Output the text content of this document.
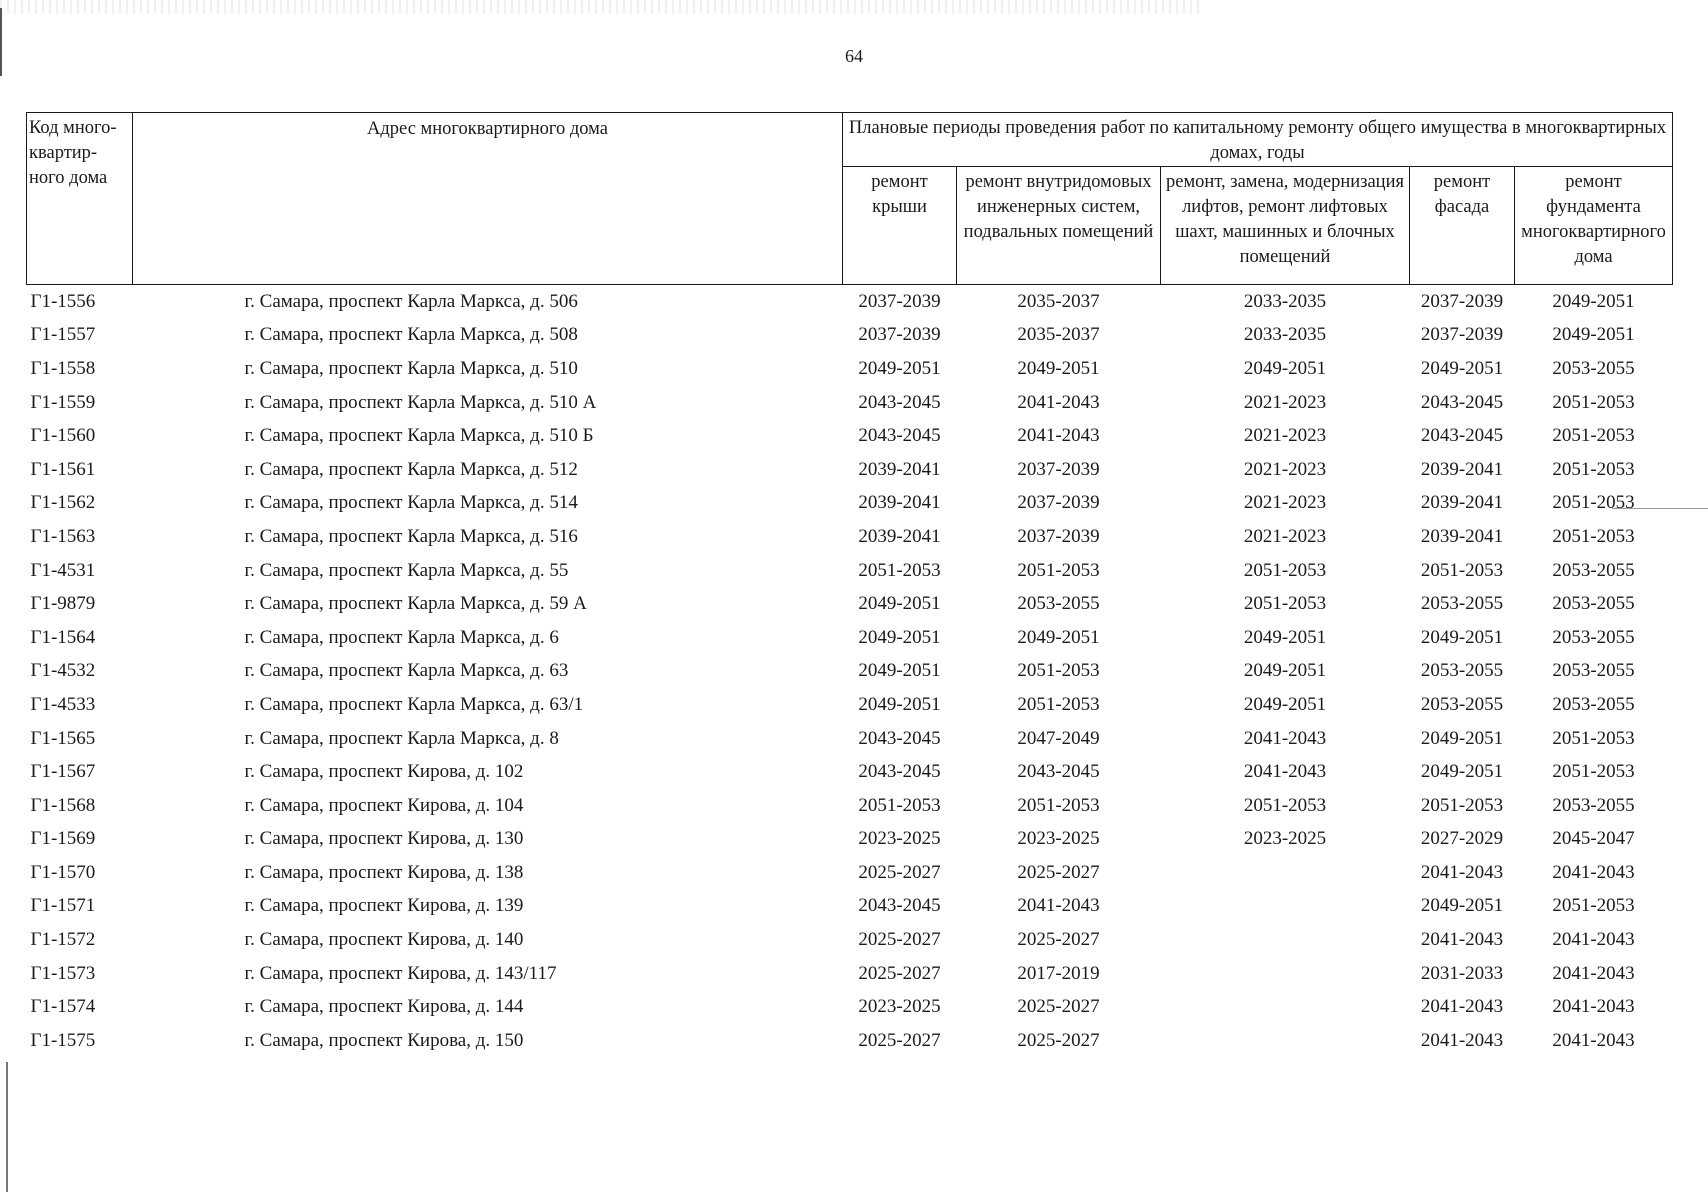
64
Код много-квартир-ного дома	Адрес многоквартирного дома	Плановые периоды проведения работ по капитальному ремонту общего имущества в многоквартирных домах, годы				
		ремонт крыши	ремонт внутридомовых инженерных систем, подвальных помещений	ремонт, замена, модернизация лифтов, ремонт лифтовых шахт, машинных и блочных помещений	ремонт фасада	ремонт фундамента многоквартирного дома
Г1-1556	г. Самара, проспект Карла Маркса, д. 506	2037-2039	2035-2037	2033-2035	2037-2039	2049-2051
Г1-1557	г. Самара, проспект Карла Маркса, д. 508	2037-2039	2035-2037	2033-2035	2037-2039	2049-2051
Г1-1558	г. Самара, проспект Карла Маркса, д. 510	2049-2051	2049-2051	2049-2051	2049-2051	2053-2055
Г1-1559	г. Самара, проспект Карла Маркса, д. 510 А	2043-2045	2041-2043	2021-2023	2043-2045	2051-2053
Г1-1560	г. Самара, проспект Карла Маркса, д. 510 Б	2043-2045	2041-2043	2021-2023	2043-2045	2051-2053
Г1-1561	г. Самара, проспект Карла Маркса, д. 512	2039-2041	2037-2039	2021-2023	2039-2041	2051-2053
Г1-1562	г. Самара, проспект Карла Маркса, д. 514	2039-2041	2037-2039	2021-2023	2039-2041	2051-2053
Г1-1563	г. Самара, проспект Карла Маркса, д. 516	2039-2041	2037-2039	2021-2023	2039-2041	2051-2053
Г1-4531	г. Самара, проспект Карла Маркса, д. 55	2051-2053	2051-2053	2051-2053	2051-2053	2053-2055
Г1-9879	г. Самара, проспект Карла Маркса, д. 59 А	2049-2051	2053-2055	2051-2053	2053-2055	2053-2055
Г1-1564	г. Самара, проспект Карла Маркса, д. 6	2049-2051	2049-2051	2049-2051	2049-2051	2053-2055
Г1-4532	г. Самара, проспект Карла Маркса, д. 63	2049-2051	2051-2053	2049-2051	2053-2055	2053-2055
Г1-4533	г. Самара, проспект Карла Маркса, д. 63/1	2049-2051	2051-2053	2049-2051	2053-2055	2053-2055
Г1-1565	г. Самара, проспект Карла Маркса, д. 8	2043-2045	2047-2049	2041-2043	2049-2051	2051-2053
Г1-1567	г. Самара, проспект Кирова, д. 102	2043-2045	2043-2045	2041-2043	2049-2051	2051-2053
Г1-1568	г. Самара, проспект Кирова, д. 104	2051-2053	2051-2053	2051-2053	2051-2053	2053-2055
Г1-1569	г. Самара, проспект Кирова, д. 130	2023-2025	2023-2025	2023-2025	2027-2029	2045-2047
Г1-1570	г. Самара, проспект Кирова, д. 138	2025-2027	2025-2027		2041-2043	2041-2043
Г1-1571	г. Самара, проспект Кирова, д. 139	2043-2045	2041-2043		2049-2051	2051-2053
Г1-1572	г. Самара, проспект Кирова, д. 140	2025-2027	2025-2027		2041-2043	2041-2043
Г1-1573	г. Самара, проспект Кирова, д. 143/117	2025-2027	2017-2019		2031-2033	2041-2043
Г1-1574	г. Самара, проспект Кирова, д. 144	2023-2025	2025-2027		2041-2043	2041-2043
Г1-1575	г. Самара, проспект Кирова, д. 150	2025-2027	2025-2027		2041-2043	2041-2043
